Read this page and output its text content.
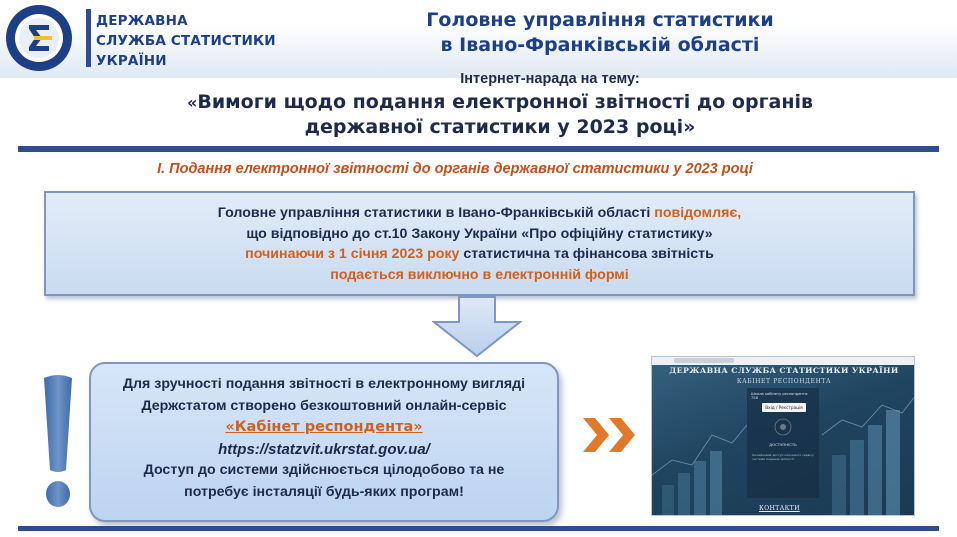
ДЕРЖАВНА
СЛУЖБА СТАТИСТИКИ
УКРАЇНИ
Головне управління статистики
в Івано-Франківській області
Інтернет-нарада на тему:
«Вимоги щодо подання електронної звітності до органів
державної статистики у 2023 році»
І. Подання електронної звітності до органів державної статистики у 2023 році
Головне управління статистики в Івано-Франківській області повідомляє,
що відповідно до ст.10 Закону України «Про офіційну статистику»
починаючи з 1 січня 2023 року статистична та фінансова звітність
подається виключно в електронній формі
Для зручності подання звітності в електронному вигляді
Держстатом створено безкоштовний онлайн-сервіс
«Кабінет респондента»
https://statzvit.ukrstat.gov.ua/
Доступ до системи здійснюється цілодобово та не
потребує інсталяції будь-яких програм!
ДЕРЖАВНА СЛУЖБА СТАТИСТИКИ УКРАЇНИ
КАБІНЕТ РЕСПОНДЕНТА
Шкала кабінету респондента: 758
Вхід / Реєстрація
ДОСТУПНІСТЬ
Онлайновий доступ ключового сервісу системи подання звітності
КОНТАКТИ
